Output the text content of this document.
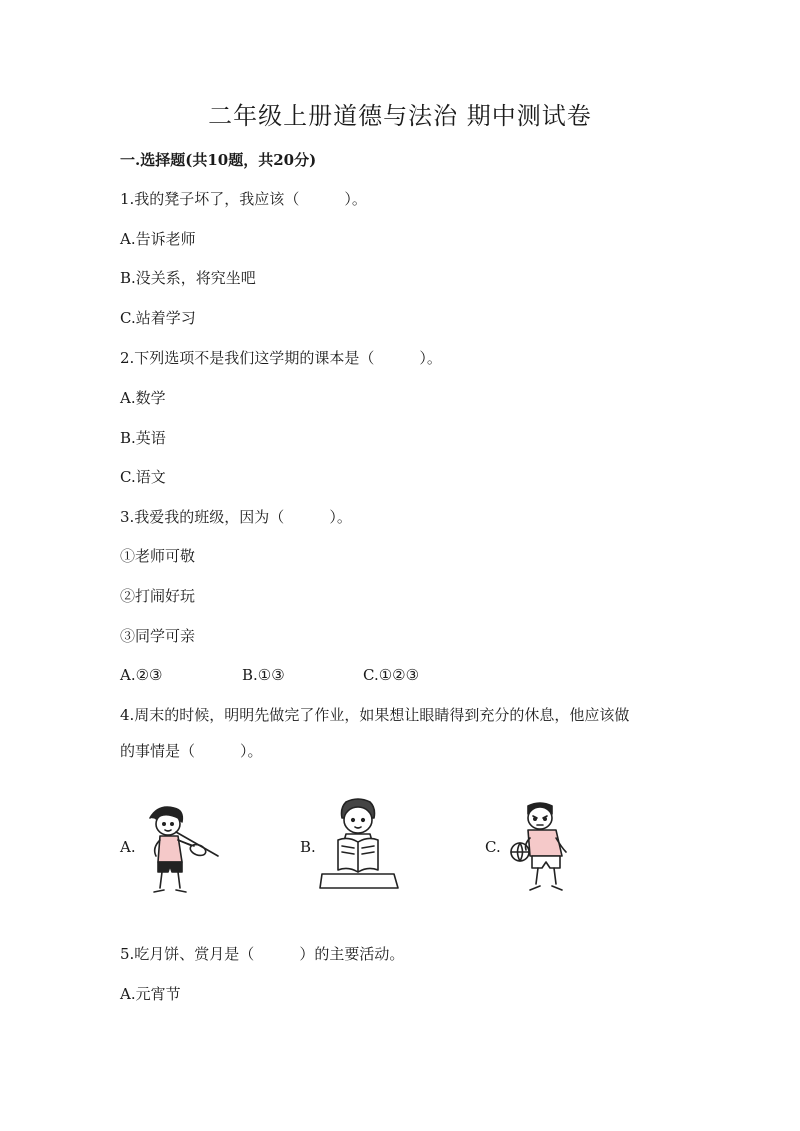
二年级上册道德与法治 期中测试卷
一.选择题(共10题，共20分)
1.我的凳子坏了，我应该（　　　）。
A.告诉老师
B.没关系，将究坐吧
C.站着学习
2.下列选项不是我们这学期的课本是（　　　）。
A.数学
B.英语
C.语文
3.我爱我的班级，因为（　　　）。
①老师可敬
②打闹好玩
③同学可亲
A.②③	B.①③	C.①②③
4.周末的时候，明明先做完了作业，如果想让眼睛得到充分的休息，他应该做
的事情是（　　　）。
A.	B.	C.
5.吃月饼、赏月是（　　　）的主要活动。
A.元宵节
